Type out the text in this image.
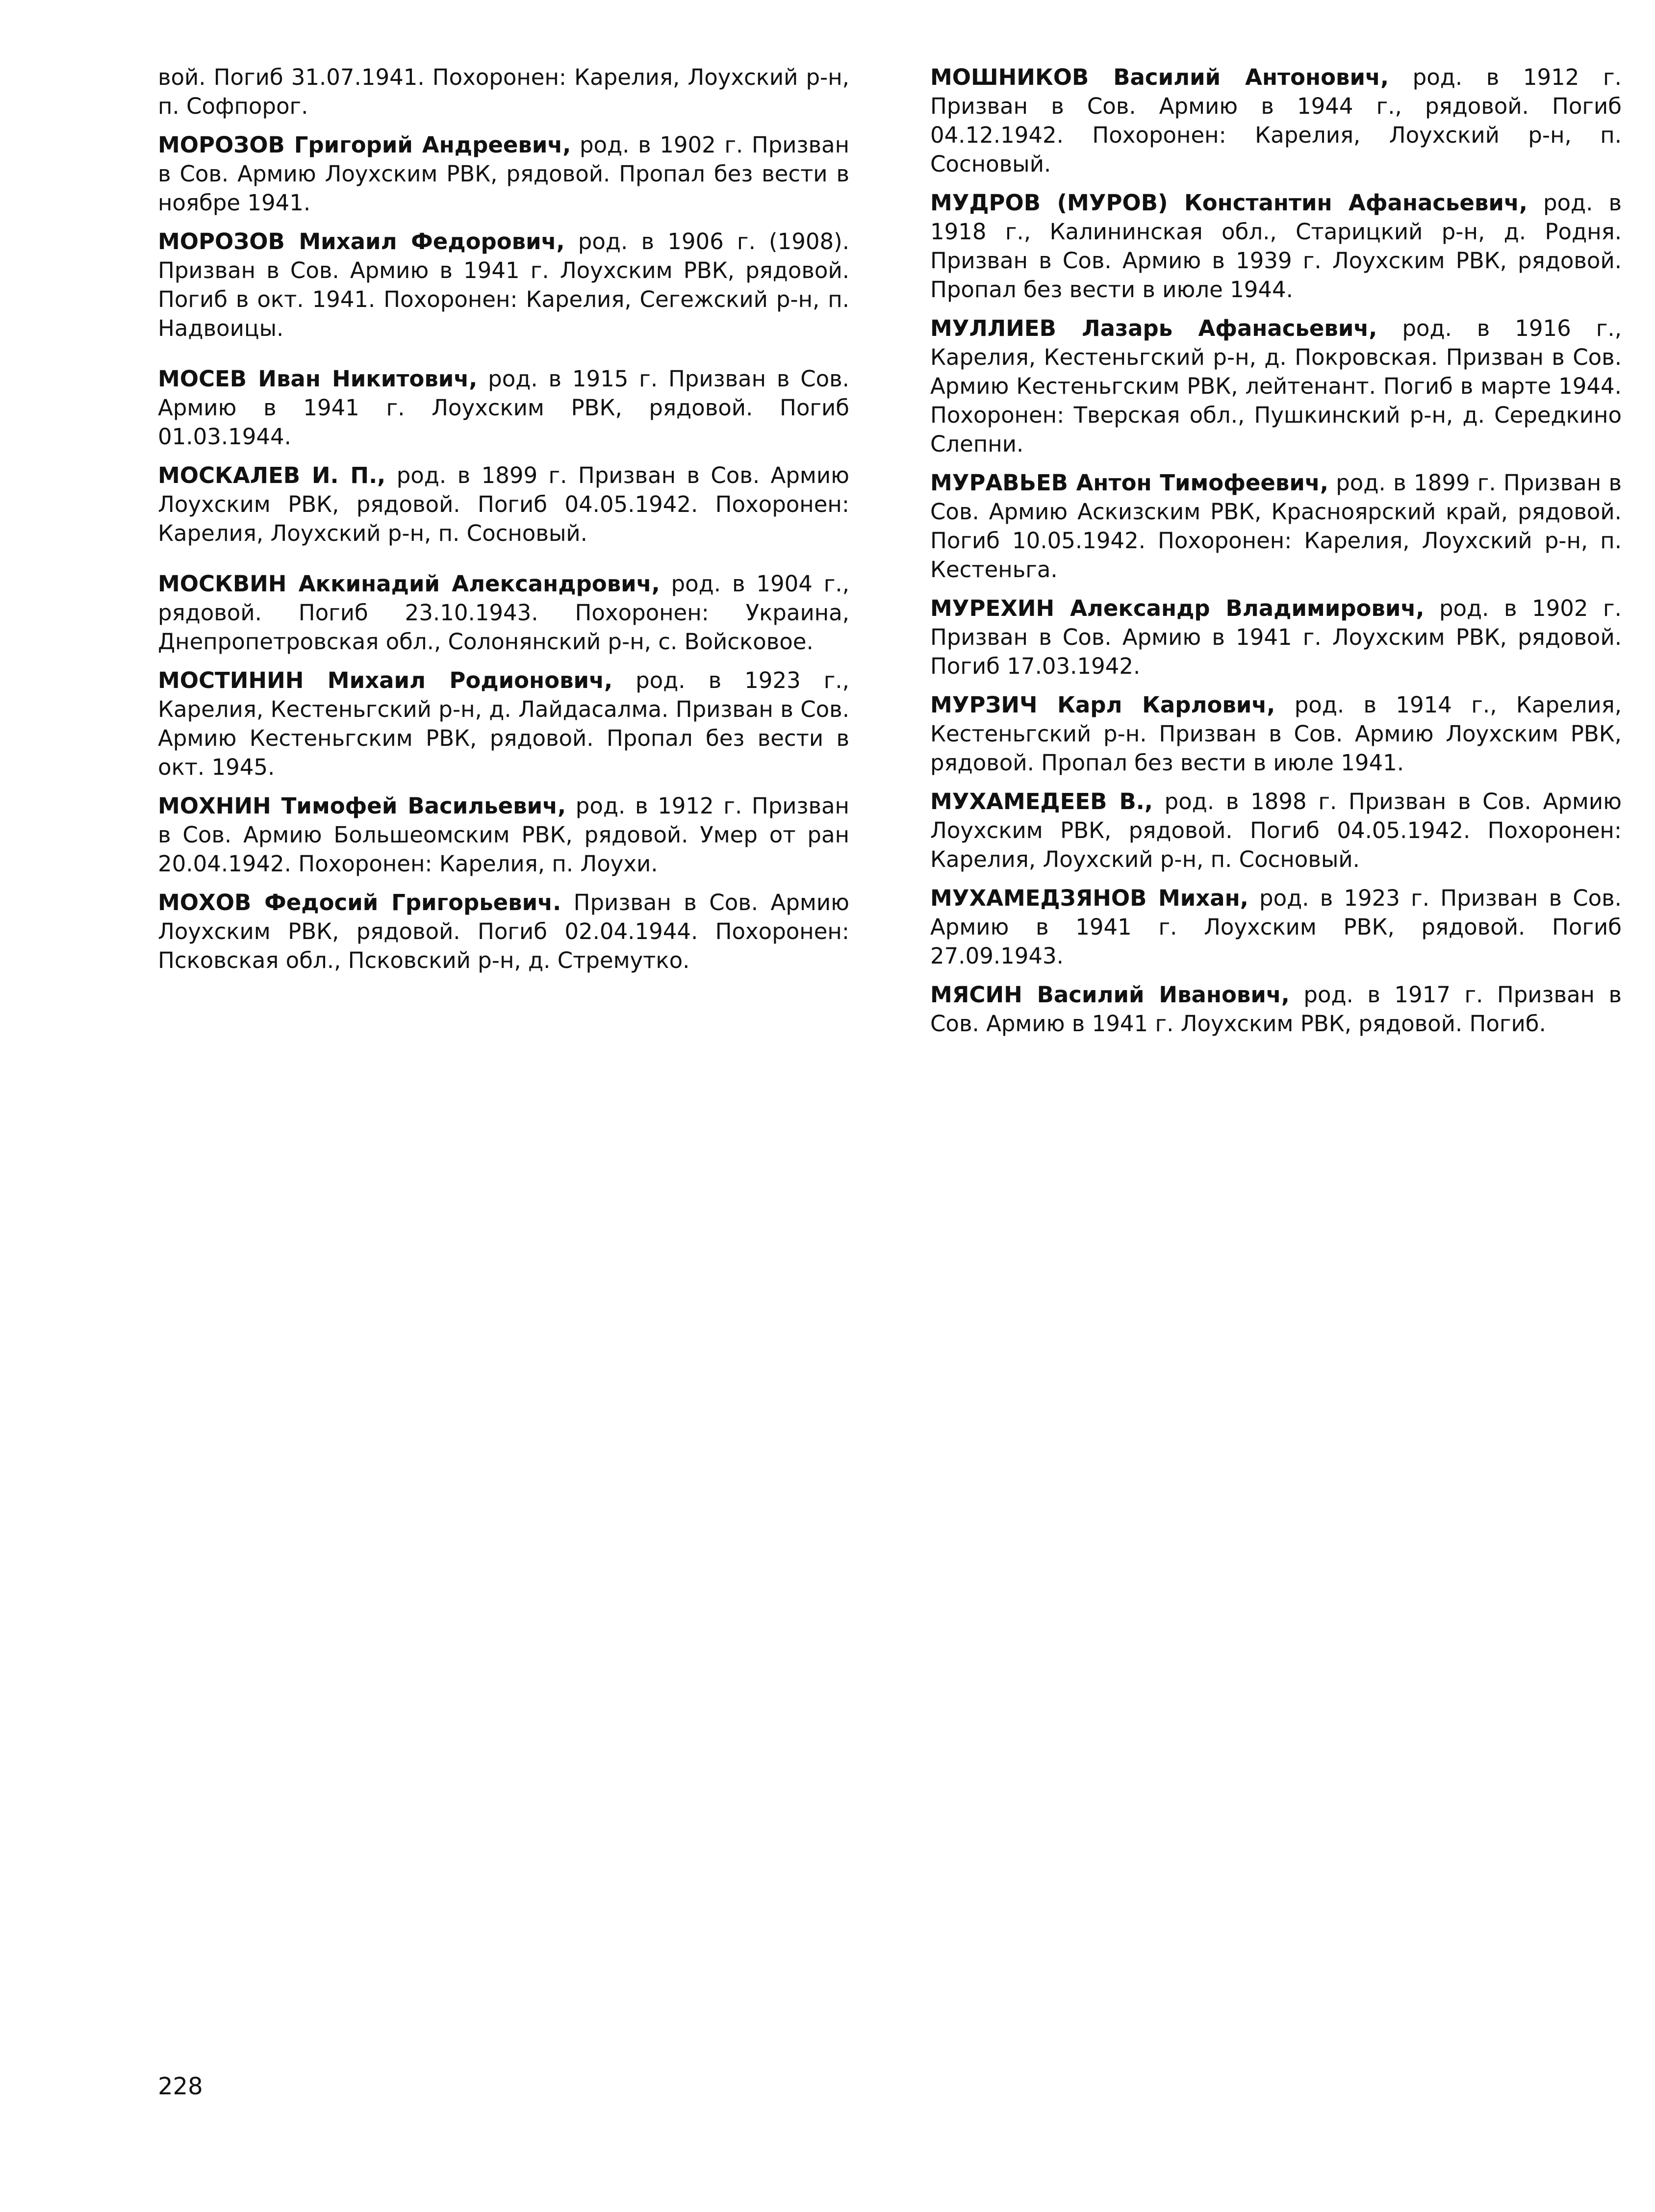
вой. Погиб 31.07.1941. Похоронен: Карелия, Лоухский р-н, п. Софпорог.

МОРОЗОВ Григорий Андреевич, род. в 1902 г. Призван в Сов. Армию Лоухским РВК, рядовой. Пропал без вести в ноябре 1941.

МОРОЗОВ Михаил Федорович, род. в 1906 г. (1908). Призван в Сов. Армию в 1941 г. Лоухским РВК, рядовой. Погиб в окт. 1941. Похоронен: Карелия, Сегежский р-н, п. Надвоицы.

МОСЕВ Иван Никитович, род. в 1915 г. Призван в Сов. Армию в 1941 г. Лоухским РВК, рядовой. Погиб 01.03.1944.

МОСКАЛЕВ И. П., род. в 1899 г. Призван в Сов. Армию Лоухским РВК, рядовой. Погиб 04.05.1942. Похоронен: Карелия, Лоухский р-н, п. Сосновый.

МОСКВИН Аккинадий Александрович, род. в 1904 г., рядовой. Погиб 23.10.1943. Похоронен: Украина, Днепропетровская обл., Солонянский р-н, с. Войсковое.

МОСТИНИН Михаил Родионович, род. в 1923 г., Карелия, Кестеньгский р-н, д. Лайдасалма. Призван в Сов. Армию Кестеньгским РВК, рядовой. Пропал без вести в окт. 1945.

МОХНИН Тимофей Васильевич, род. в 1912 г. Призван в Сов. Армию Большеомским РВК, рядовой. Умер от ран 20.04.1942. Похоронен: Карелия, п. Лоухи.

МОХОВ Федосий Григорьевич. Призван в Сов. Армию Лоухским РВК, рядовой. Погиб 02.04.1944. Похоронен: Псковская обл., Псковский р-н, д. Стремутко.

МОШНИКОВ Василий Антонович, род. в 1912 г. Призван в Сов. Армию в 1944 г., рядовой. Погиб 04.12.1942. Похоронен: Карелия, Лоухский р-н, п. Сосновый.

МУДРОВ (МУРОВ) Константин Афанасьевич, род. в 1918 г., Калининская обл., Старицкий р-н, д. Родня. Призван в Сов. Армию в 1939 г. Лоухским РВК, рядовой. Пропал без вести в июле 1944.

МУЛЛИЕВ Лазарь Афанасьевич, род. в 1916 г., Карелия, Кестеньгский р-н, д. Покровская. Призван в Сов. Армию Кестеньгским РВК, лейтенант. Погиб в марте 1944. Похоронен: Тверская обл., Пушкинский р-н, д. Середкино Слепни.

МУРАВЬЕВ Антон Тимофеевич, род. в 1899 г. Призван в Сов. Армию Аскизским РВК, Красноярский край, рядовой. Погиб 10.05.1942. Похоронен: Карелия, Лоухский р-н, п. Кестеньга.

МУРЕХИН Александр Владимирович, род. в 1902 г. Призван в Сов. Армию в 1941 г. Лоухским РВК, рядовой. Погиб 17.03.1942.

МУРЗИЧ Карл Карлович, род. в 1914 г., Карелия, Кестеньгский р-н. Призван в Сов. Армию Лоухским РВК, рядовой. Пропал без вести в июле 1941.

МУХАМЕДЕЕВ В., род. в 1898 г. Призван в Сов. Армию Лоухским РВК, рядовой. Погиб 04.05.1942. Похоронен: Карелия, Лоухский р-н, п. Сосновый.

МУХАМЕДЗЯНОВ Михан, род. в 1923 г. Призван в Сов. Армию в 1941 г. Лоухским РВК, рядовой. Погиб 27.09.1943.

МЯСИН Василий Иванович, род. в 1917 г. Призван в Сов. Армию в 1941 г. Лоухским РВК, рядовой. Погиб.

228
